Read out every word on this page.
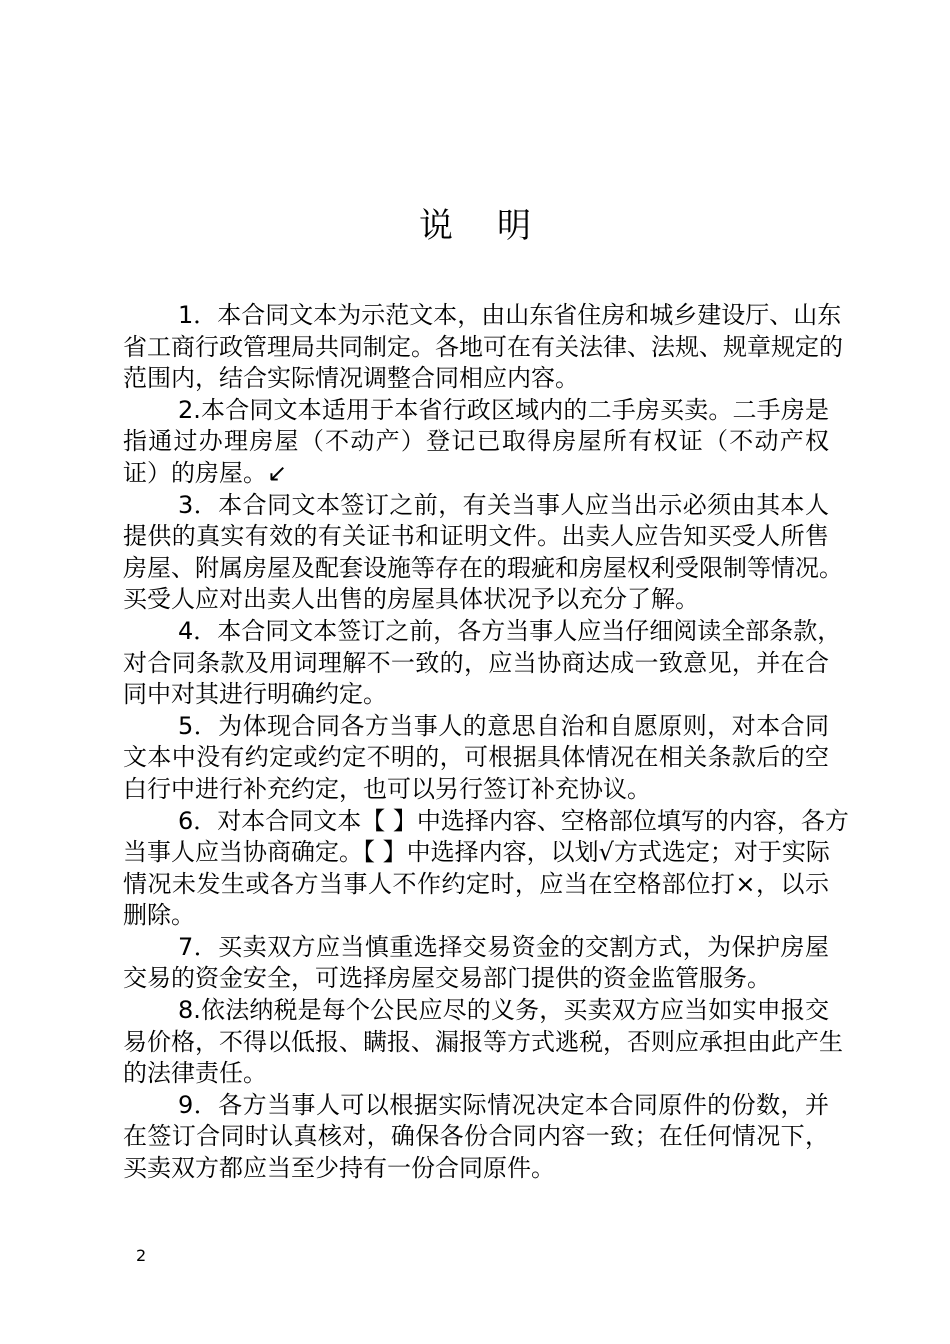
说明
1．本合同文本为示范文本，由山东省住房和城乡建设厅、山东
省工商行政管理局共同制定。各地可在有关法律、法规、规章规定的
范围内，结合实际情况调整合同相应内容。
2.本合同文本适用于本省行政区域内的二手房买卖。二手房是
指通过办理房屋（不动产）登记已取得房屋所有权证（不动产权
证）的房屋。↙
3．本合同文本签订之前，有关当事人应当出示必须由其本人
提供的真实有效的有关证书和证明文件。出卖人应告知买受人所售
房屋、附属房屋及配套设施等存在的瑕疵和房屋权利受限制等情况。
买受人应对出卖人出售的房屋具体状况予以充分了解。
4．本合同文本签订之前，各方当事人应当仔细阅读全部条款，
对合同条款及用词理解不一致的，应当协商达成一致意见，并在合
同中对其进行明确约定。
5．为体现合同各方当事人的意思自治和自愿原则，对本合同
文本中没有约定或约定不明的，可根据具体情况在相关条款后的空
白行中进行补充约定，也可以另行签订补充协议。
6．对本合同文本【 】中选择内容、空格部位填写的内容，各方
当事人应当协商确定。【 】中选择内容，以划√方式选定；对于实际
情况未发生或各方当事人不作约定时，应当在空格部位打×，以示
删除。
7．买卖双方应当慎重选择交易资金的交割方式，为保护房屋
交易的资金安全，可选择房屋交易部门提供的资金监管服务。
8.依法纳税是每个公民应尽的义务，买卖双方应当如实申报交
易价格，不得以低报、瞒报、漏报等方式逃税，否则应承担由此产生
的法律责任。
9．各方当事人可以根据实际情况决定本合同原件的份数，并
在签订合同时认真核对，确保各份合同内容一致；在任何情况下，
买卖双方都应当至少持有一份合同原件。
2
